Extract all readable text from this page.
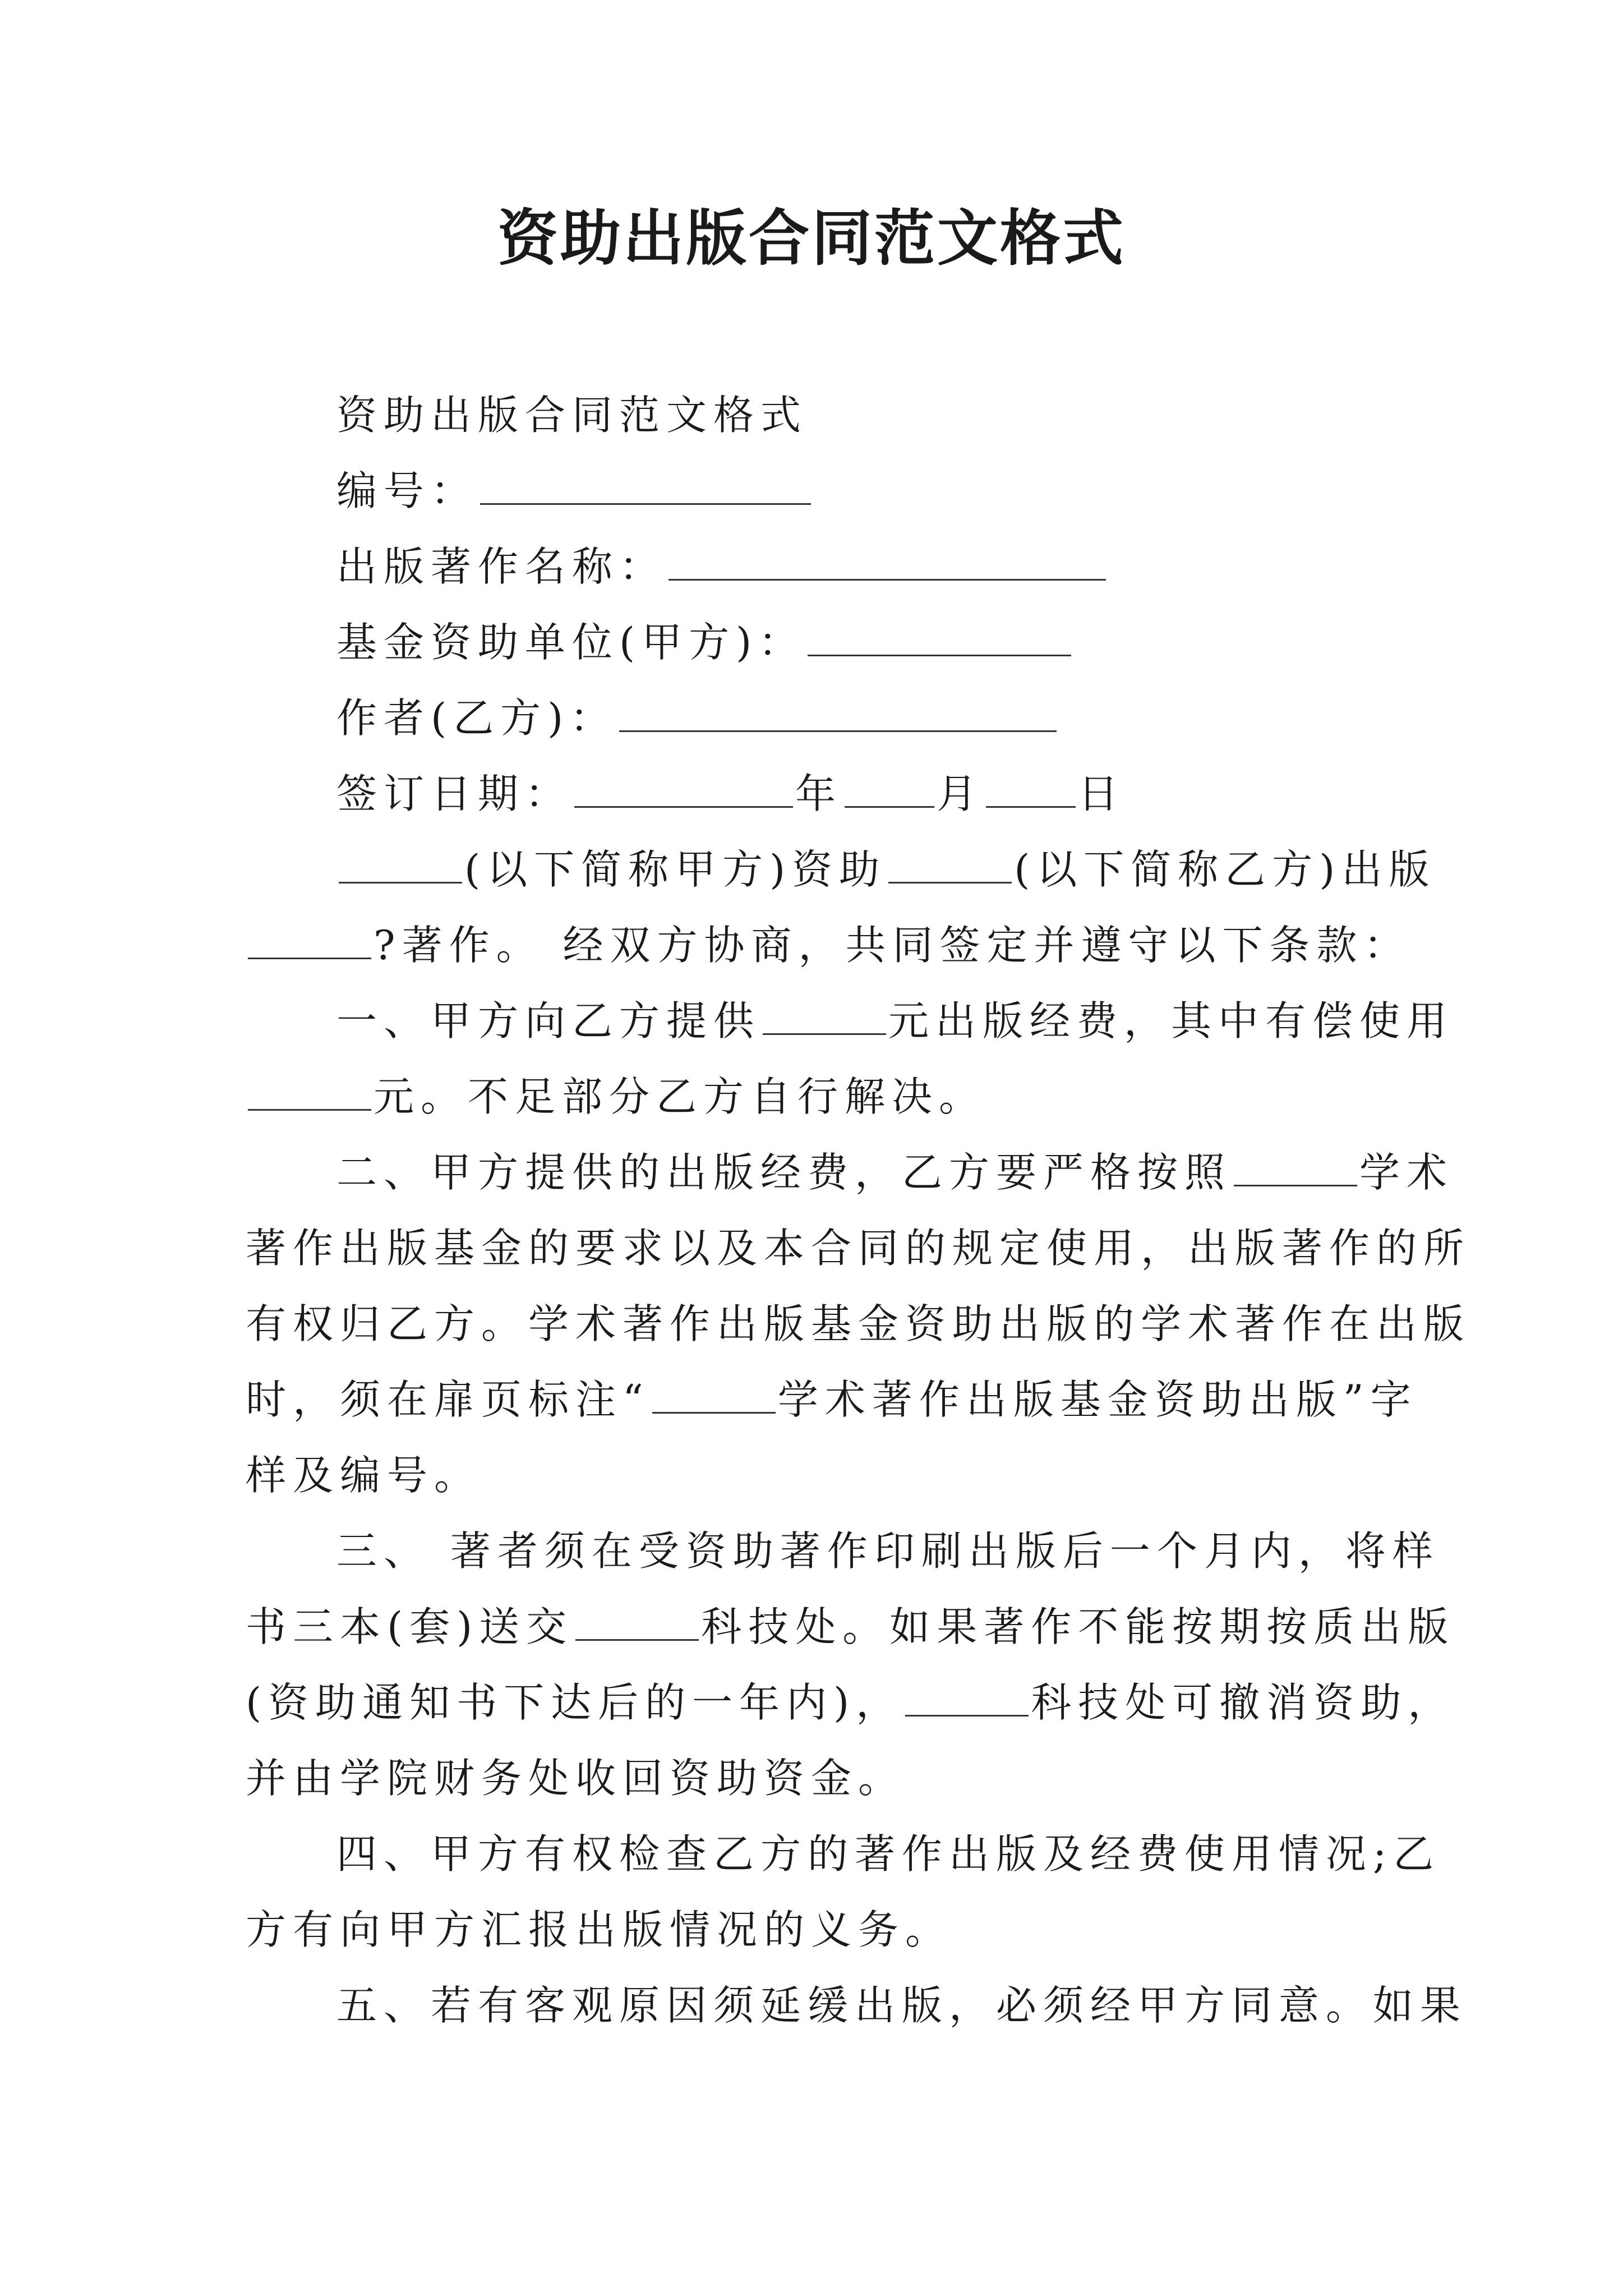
资助出版合同范文格式
资助出版合同范文格式
编号：
出版著作名称：
基金资助单位(甲方)：
作者(乙方)：
签订日期：	年 月 日
(以下简称甲方)资助	(以下简称乙方)出版
?著作。 经双方协商，共同签定并遵守以下条款：
一、甲方向乙方提供	元出版经费，其中有偿使用
元。不足部分乙方自行解决。
二、甲方提供的出版经费，乙方要严格按照	学术
著作出版基金的要求以及本合同的规定使用，出版著作的所
有权归乙方。学术著作出版基金资助出版的学术著作在出版
时，须在扉页标注“	学术著作出版基金资助出版”字
样及编号。
三、 著者须在受资助著作印刷出版后一个月内，将样
书三本(套)送交	科技处。如果著作不能按期按质出版
(资助通知书下达后的一年内)，	科技处可撤消资助，
并由学院财务处收回资助资金。
四、甲方有权检查乙方的著作出版及经费使用情况;乙
方有向甲方汇报出版情况的义务。
五、若有客观原因须延缓出版，必须经甲方同意。如果
